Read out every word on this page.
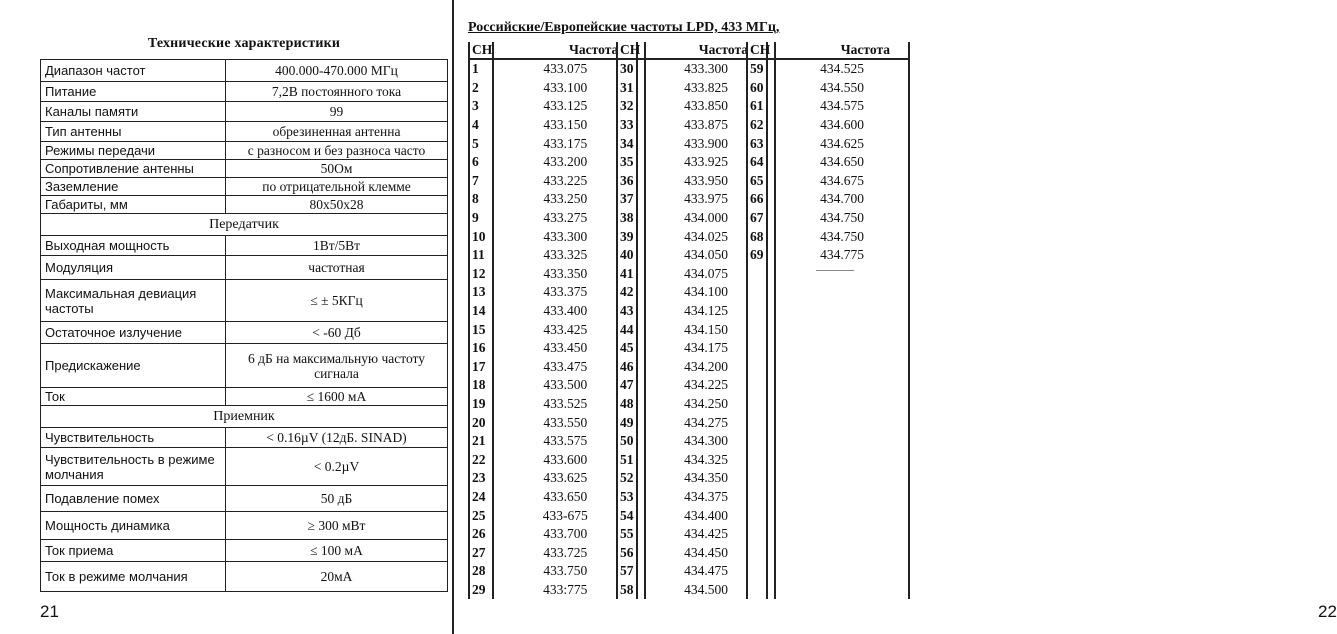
Технические характеристики
Диапазон частот	400.000-470.000 МГц
Питание	7,2В постоянного тока
Каналы памяти	99
Тип антенны	обрезиненная антенна
Режимы передачи	с разносом и без разноса часто
Сопротивление антенны	50Ом
Заземление	по отрицательной клемме
Габариты, мм	80x50x28
Передатчик	
Выходная мощность	1Вт/5Вт
Модуляция	частотная
Максимальная девиация частоты	≤ ± 5КГц
Остаточное излучение	< -60 Дб
Предискажение	6 дБ на максимальную частоту сигнала
Ток	≤ 1600 мА
Приемник	
Чувствительность	< 0.16µV (12дБ. SINAD)
Чувствительность в режиме молчания	< 0.2µV
Подавление помех	50 дБ
Мощность динамика	≥ 300 мВт
Ток приема	≤ 100 мА
Ток в режиме молчания	20мА
21
Российские/Европейские частоты LPD, 433 МГц,
CH	Частота
1	433.075
2	433.100
3	433.125
4	433.150
5	433.175
6	433.200
7	433.225
8	433.250
9	433.275
10	433.300
11	433.325
12	433.350
13	433.375
14	433.400
15	433.425
16	433.450
17	433.475
18	433.500
19	433.525
20	433.550
21	433.575
22	433.600
23	433.625
24	433.650
25	433-675
26	433.700
27	433.725
28	433.750
29	433:775
CH	Частота
30	433.300
31	433.825
32	433.850
33	433.875
34	433.900
35	433.925
36	433.950
37	433.975
38	434.000
39	434.025
40	434.050
41	434.075
42	434.100
43	434.125
44	434.150
45	434.175
46	434.200
47	434.225
48	434.250
49	434.275
50	434.300
51	434.325
52	434.350
53	434.375
54	434.400
55	434.425
56	434.450
57	434.475
58	434.500
CH	Частота
59	434.525
60	434.550
61	434.575
62	434.600
63	434.625
64	434.650
65	434.675
66	434.700
67	434.750
68	434.750
69	434.775

22
